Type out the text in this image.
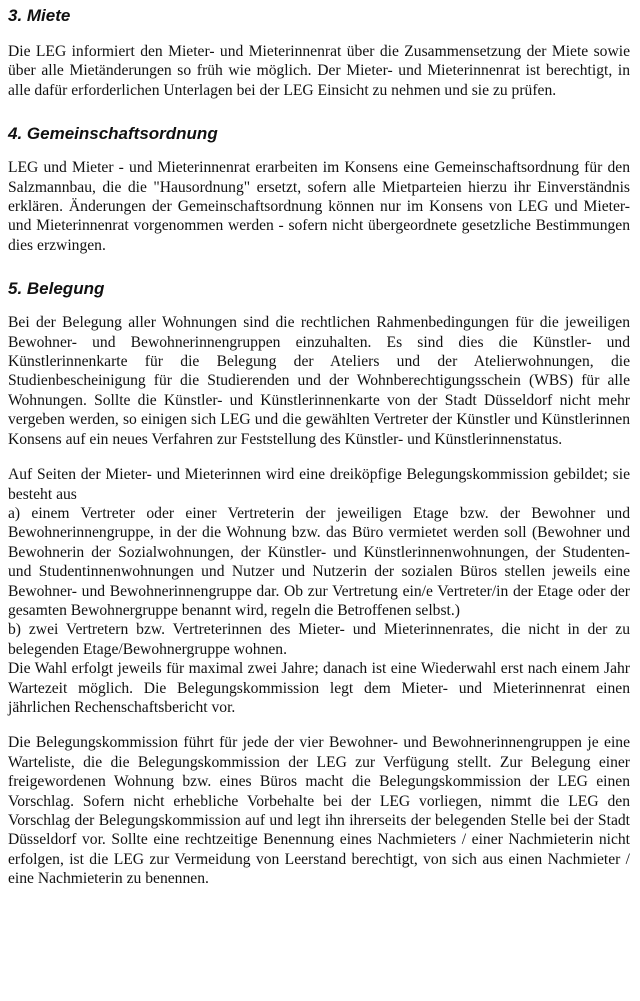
3. Miete

Die LEG informiert den Mieter- und Mieterinnenrat über die Zusammensetzung der Miete sowie über alle Mietänderungen so früh wie möglich. Der Mieter- und Mieterinnenrat ist berechtigt, in alle dafür erforderlichen Unterlagen bei der LEG Einsicht zu nehmen und sie zu prüfen.

4. Gemeinschaftsordnung

LEG und Mieter - und Mieterinnenrat erarbeiten im Konsens eine Gemeinschaftsordnung für den Salzmannbau, die die "Hausordnung" ersetzt, sofern alle Mietparteien hierzu ihr Einverständnis erklären. Änderungen der Gemeinschaftsordnung können nur im Konsens von LEG und Mieter- und Mieterinnenrat vorgenommen werden - sofern nicht übergeordnete gesetzliche Bestimmungen dies erzwingen.

5. Belegung

Bei der Belegung aller Wohnungen sind die rechtlichen Rahmenbedingungen für die jeweiligen Bewohner- und Bewohnerinnengruppen einzuhalten. Es sind dies die Künstler- und Künstlerinnenkarte für die Belegung der Ateliers und der Atelierwohnungen, die Studienbescheinigung für die Studierenden und der Wohnberechtigungsschein (WBS) für alle Wohnungen. Sollte die Künstler- und Künstlerinnenkarte von der Stadt Düsseldorf nicht mehr vergeben werden, so einigen sich LEG und die gewählten Vertreter der Künstler und Künstlerinnen Konsens auf ein neues Verfahren zur Feststellung des Künstler- und Künstlerinnenstatus.

Auf Seiten der Mieter- und Mieterinnen wird eine dreiköpfige Belegungskommission gebildet; sie besteht aus
a) einem Vertreter oder einer Vertreterin der jeweiligen Etage bzw. der Bewohner und Bewohnerinnengruppe, in der die Wohnung bzw. das Büro vermietet werden soll (Bewohner und Bewohnerin der Sozialwohnungen, der Künstler- und Künstlerinnenwohnungen, der Studenten- und Studentinnenwohnungen und Nutzer und Nutzerin der sozialen Büros stellen jeweils eine Bewohner- und Bewohnerinnengruppe dar. Ob zur Vertretung ein/e Vertreter/in der Etage oder der gesamten Bewohnergruppe benannt wird, regeln die Betroffenen selbst.)
b) zwei Vertretern bzw. Vertreterinnen des Mieter- und Mieterinnenrates, die nicht in der zu belegenden Etage/Bewohnergruppe wohnen.
Die Wahl erfolgt jeweils für maximal zwei Jahre; danach ist eine Wiederwahl erst nach einem Jahr Wartezeit möglich. Die Belegungskommission legt dem Mieter- und Mieterinnenrat einen jährlichen Rechenschaftsbericht vor.

Die Belegungskommission führt für jede der vier Bewohner- und Bewohnerinnengruppen je eine Warteliste, die die Belegungskommission der LEG zur Verfügung stellt. Zur Belegung einer freigewordenen Wohnung bzw. eines Büros macht die Belegungskommission der LEG einen Vorschlag. Sofern nicht erhebliche Vorbehalte bei der LEG vorliegen, nimmt die LEG den Vorschlag der Belegungskommission auf und legt ihn ihrerseits der belegenden Stelle bei der Stadt Düsseldorf vor. Sollte eine rechtzeitige Benennung eines Nachmieters / einer Nachmieterin nicht erfolgen, ist die LEG zur Vermeidung von Leerstand berechtigt, von sich aus einen Nachmieter / eine Nachmieterin zu benennen.
